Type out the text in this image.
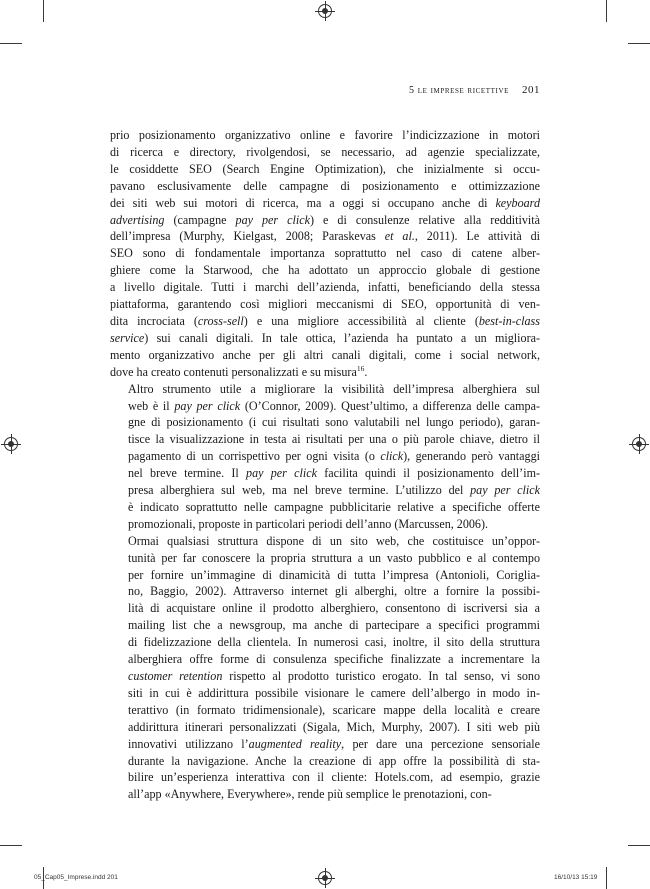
5 le imprese ricettive 201

prio posizionamento organizzativo online e favorire l’indicizzazione in motori
di ricerca e directory, rivolgendosi, se necessario, ad agenzie specializzate,
le cosiddette SEO (Search Engine Optimization), che inizialmente si occu-
pavano esclusivamente delle campagne di posizionamento e ottimizzazione
dei siti web sui motori di ricerca, ma a oggi si occupano anche di keyboard
advertising (campagne pay per click) e di consulenze relative alla redditività
dell’impresa (Murphy, Kielgast, 2008; Paraskevas et al., 2011). Le attività di
SEO sono di fondamentale importanza soprattutto nel caso di catene alber-
ghiere come la Starwood, che ha adottato un approccio globale di gestione
a livello digitale. Tutti i marchi dell’azienda, infatti, beneficiando della stessa
piattaforma, garantendo così migliori meccanismi di SEO, opportunità di ven-
dita incrociata (cross-sell) e una migliore accessibilità al cliente (best-in-class
service) sui canali digitali. In tale ottica, l’azienda ha puntato a un migliora-
mento organizzativo anche per gli altri canali digitali, come i social network,
dove ha creato contenuti personalizzati e su misura$^{16}$.

Altro strumento utile a migliorare la visibilità dell’impresa alberghiera sul
web è il pay per click (O’Connor, 2009). Quest’ultimo, a differenza delle campa-
gne di posizionamento (i cui risultati sono valutabili nel lungo periodo), garan-
tisce la visualizzazione in testa ai risultati per una o più parole chiave, dietro il
pagamento di un corrispettivo per ogni visita (o click), generando però vantaggi
nel breve termine. Il pay per click facilita quindi il posizionamento dell’im-
presa alberghiera sul web, ma nel breve termine. L’utilizzo del pay per click
è indicato soprattutto nelle campagne pubblicitarie relative a specifiche offerte
promozionali, proposte in particolari periodi dell’anno (Marcussen, 2006).

Ormai qualsiasi struttura dispone di un sito web, che costituisce un’oppor-
tunità per far conoscere la propria struttura a un vasto pubblico e al contempo
per fornire un’immagine di dinamicità di tutta l’impresa (Antonioli, Coriglia-
no, Baggio, 2002). Attraverso internet gli alberghi, oltre a fornire la possibi-
lità di acquistare online il prodotto alberghiero, consentono di iscriversi sia a
mailing list che a newsgroup, ma anche di partecipare a specifici programmi
di fidelizzazione della clientela. In numerosi casi, inoltre, il sito della struttura
alberghiera offre forme di consulenza specifiche finalizzate a incrementare la
customer retention rispetto al prodotto turistico erogato. In tal senso, vi sono
siti in cui è addirittura possibile visionare le camere dell’albergo in modo in-
terattivo (in formato tridimensionale), scaricare mappe della località e creare
addirittura itinerari personalizzati (Sigala, Mich, Murphy, 2007). I siti web più
innovativi utilizzano l’augmented reality, per dare una percezione sensoriale
durante la navigazione. Anche la creazione di app offre la possibilità di sta-
bilire un’esperienza interattiva con il cliente: Hotels.com, ad esempio, grazie
all’app «Anywhere, Everywhere», rende più semplice le prenotazioni, con-

05_Cap05_Imprese.indd 201	16/10/13 15:19
